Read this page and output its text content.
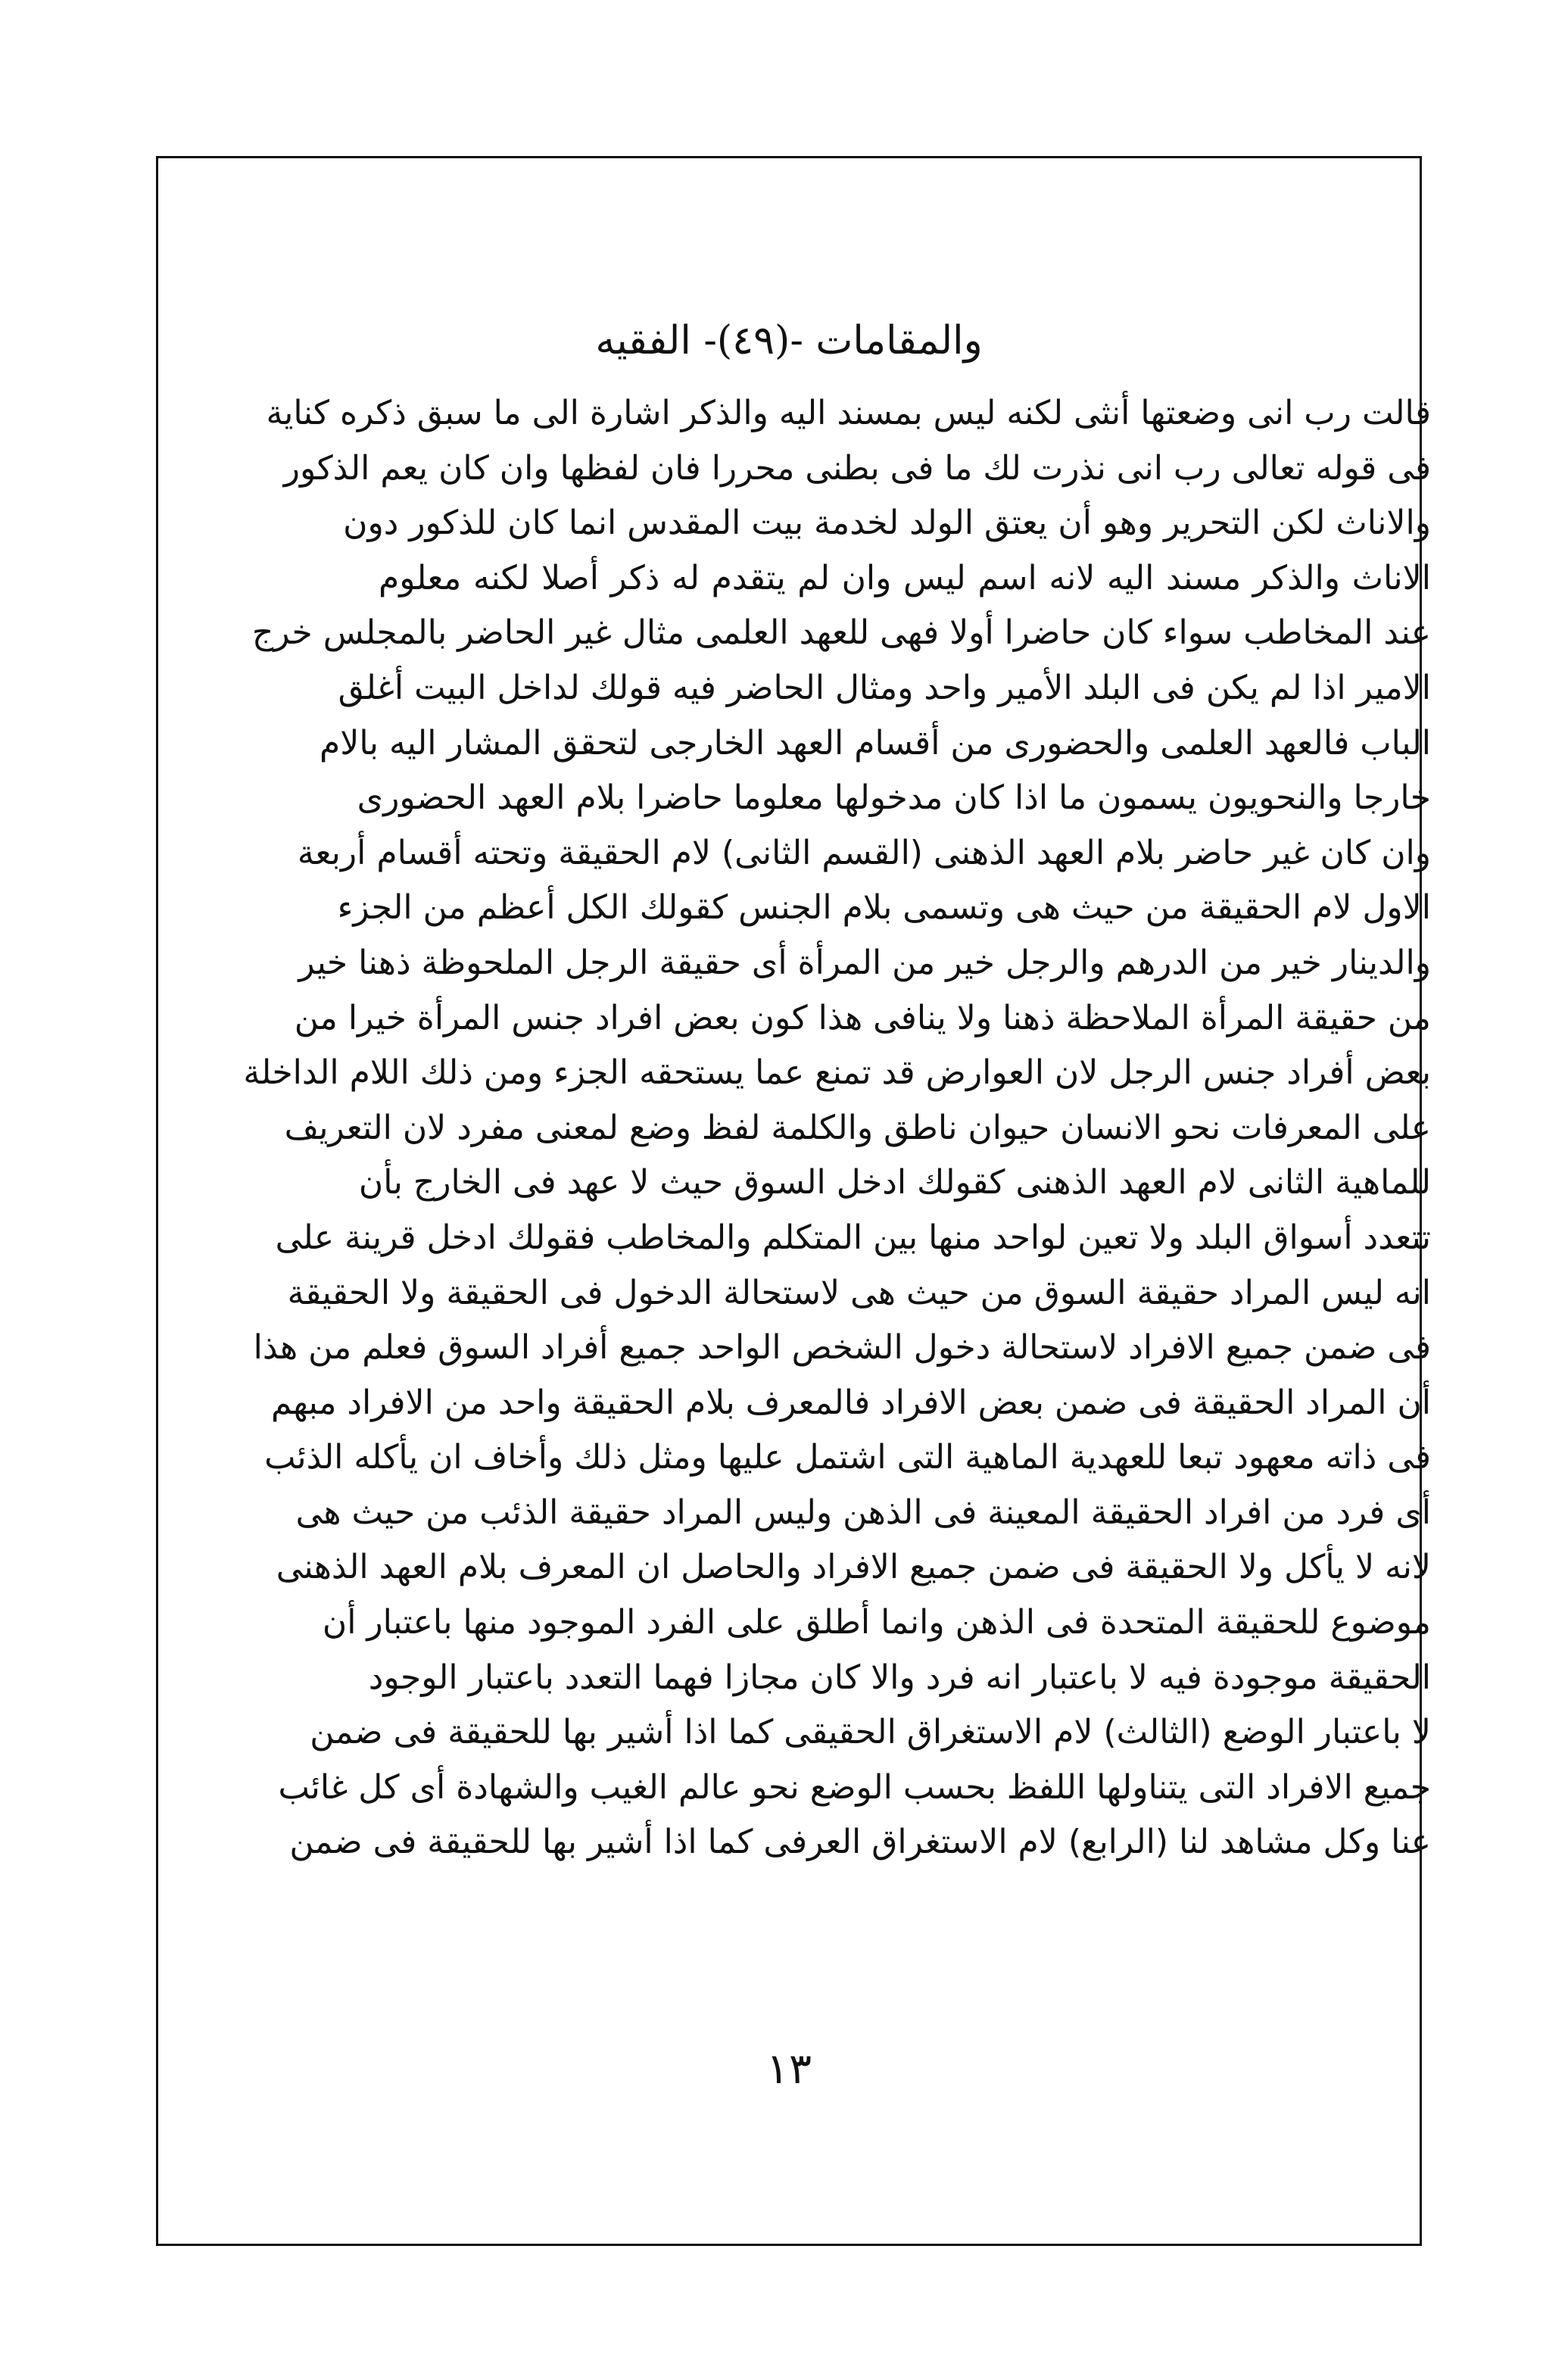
والمقامات -(٤٩)- الفقيه
قالت رب انى وضعتها أنثى لكنه ليس بمسند اليه والذكر اشارة الى ما سبق ذكره كناية
فى قوله تعالى رب انى نذرت لك ما فى بطنى محررا فان لفظها وان كان يعم الذكور
والاناث لكن التحرير وهو أن يعتق الولد لخدمة بيت المقدس انما كان للذكور دون
الاناث والذكر مسند اليه لانه اسم ليس وان لم يتقدم له ذكر أصلا لكنه معلوم
عند المخاطب سواء كان حاضرا أولا فهى للعهد العلمى مثال غير الحاضر بالمجلس خرج
الامير اذا لم يكن فى البلد الأمير واحد ومثال الحاضر فيه قولك لداخل البيت أغلق
الباب فالعهد العلمى والحضورى من أقسام العهد الخارجى لتحقق المشار اليه بالام
خارجا والنحويون يسمون ما اذا كان مدخولها معلوما حاضرا بلام العهد الحضورى
وان كان غير حاضر بلام العهد الذهنى (القسم الثانى) لام الحقيقة وتحته أقسام أربعة
الاول لام الحقيقة من حيث هى وتسمى بلام الجنس كقولك الكل أعظم من الجزء
والدينار خير من الدرهم والرجل خير من المرأة أى حقيقة الرجل الملحوظة ذهنا خير
من حقيقة المرأة الملاحظة ذهنا ولا ينافى هذا كون بعض افراد جنس المرأة خيرا من
بعض أفراد جنس الرجل لان العوارض قد تمنع عما يستحقه الجزء ومن ذلك اللام الداخلة
على المعرفات نحو الانسان حيوان ناطق والكلمة لفظ وضع لمعنى مفرد لان التعريف
للماهية الثانى لام العهد الذهنى كقولك ادخل السوق حيث لا عهد فى الخارج بأن
تتعدد أسواق البلد ولا تعين لواحد منها بين المتكلم والمخاطب فقولك ادخل قرينة على
انه ليس المراد حقيقة السوق من حيث هى لاستحالة الدخول فى الحقيقة ولا الحقيقة
فى ضمن جميع الافراد لاستحالة دخول الشخص الواحد جميع أفراد السوق فعلم من هذا
أن المراد الحقيقة فى ضمن بعض الافراد فالمعرف بلام الحقيقة واحد من الافراد مبهم
فى ذاته معهود تبعا للعهدية الماهية التى اشتمل عليها ومثل ذلك وأخاف ان يأكله الذئب
أى فرد من افراد الحقيقة المعينة فى الذهن وليس المراد حقيقة الذئب من حيث هى
لانه لا يأكل ولا الحقيقة فى ضمن جميع الافراد والحاصل ان المعرف بلام العهد الذهنى
موضوع للحقيقة المتحدة فى الذهن وانما أطلق على الفرد الموجود منها باعتبار أن
الحقيقة موجودة فيه لا باعتبار انه فرد والا كان مجازا فهما التعدد باعتبار الوجود
لا باعتبار الوضع (الثالث) لام الاستغراق الحقيقى كما اذا أشير بها للحقيقة فى ضمن
جميع الافراد التى يتناولها اللفظ بحسب الوضع نحو عالم الغيب والشهادة أى كل غائب
عنا وكل مشاهد لنا (الرابع) لام الاستغراق العرفى كما اذا أشير بها للحقيقة فى ضمن
١٣
